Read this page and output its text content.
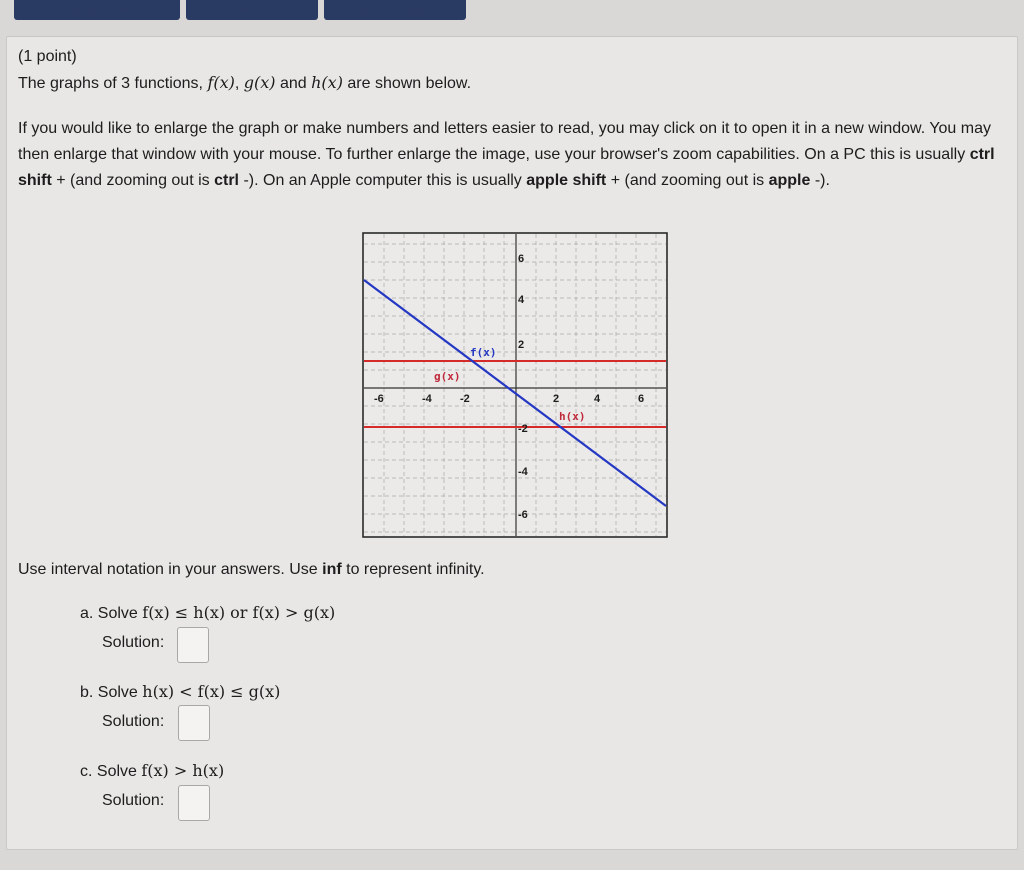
Previous Problem	Problem List	Next Problem
(1 point)
The graphs of 3 functions, f(x), g(x) and h(x) are shown below.
If you would like to enlarge the graph or make numbers and letters easier to read, you may click on it to open it in a new window. You may then enlarge that window with your mouse. To further enlarge the image, use your browser's zoom capabilities. On a PC this is usually ctrl shift + (and zooming out is ctrl -). On an Apple computer this is usually apple shift + (and zooming out is apple -).
-6	-4	-2	2	4	6
6
4
2
-2
-4
-6
f(x)
g(x)
h(x)
Use interval notation in your answers. Use inf to represent infinity.
a. Solve f(x) ≤ h(x) or f(x) > g(x)
Solution:
b. Solve h(x) < f(x) ≤ g(x)
Solution:
c. Solve f(x) > h(x)
Solution:
